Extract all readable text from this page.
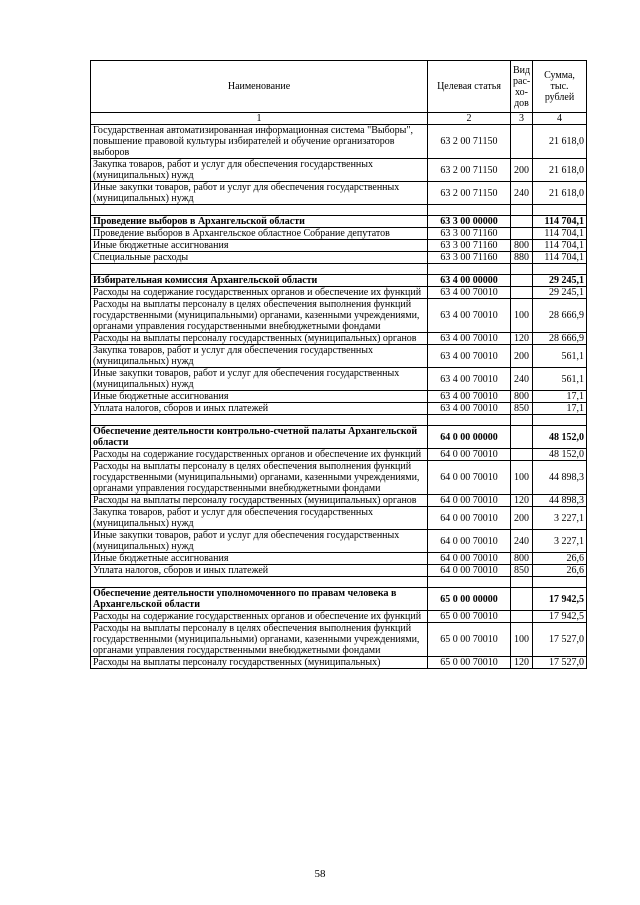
Наименование	Целевая статья	Вид рас-хо-дов	Сумма, тыс. рублей
1	2	3	4
Государственная автоматизированная информационная система "Выборы", повышение правовой культуры избирателей и обучение организаторов выборов	63 2 00 71150		21 618,0
Закупка товаров, работ и услуг для обеспечения государственных (муниципальных) нужд	63 2 00 71150	200	21 618,0
Иные закупки товаров, работ и услуг для обеспечения государственных (муниципальных) нужд	63 2 00 71150	240	21 618,0

Проведение выборов в Архангельской области	63 3 00 00000		114 704,1
Проведение выборов в Архангельское областное Собрание депутатов	63 3 00 71160		114 704,1
Иные бюджетные ассигнования	63 3 00 71160	800	114 704,1
Специальные расходы	63 3 00 71160	880	114 704,1

Избирательная комиссия Архангельской области	63 4 00 00000		29 245,1
Расходы на содержание государственных органов и обеспечение их функций	63 4 00 70010		29 245,1
Расходы на выплаты персоналу в целях обеспечения выполнения функций государственными (муниципальными) органами, казенными учреждениями, органами управления государственными внебюджетными фондами	63 4 00 70010	100	28 666,9
Расходы на выплаты персоналу государственных (муниципальных) органов	63 4 00 70010	120	28 666,9
Закупка товаров, работ и услуг для обеспечения государственных (муниципальных) нужд	63 4 00 70010	200	561,1
Иные закупки товаров, работ и услуг для обеспечения государственных (муниципальных) нужд	63 4 00 70010	240	561,1
Иные бюджетные ассигнования	63 4 00 70010	800	17,1
Уплата налогов, сборов и иных платежей	63 4 00 70010	850	17,1

Обеспечение деятельности контрольно-счетной палаты Архангельской области	64 0 00 00000		48 152,0
Расходы на содержание государственных органов и обеспечение их функций	64 0 00 70010		48 152,0
Расходы на выплаты персоналу в целях обеспечения выполнения функций государственными (муниципальными) органами, казенными учреждениями, органами управления государственными внебюджетными фондами	64 0 00 70010	100	44 898,3
Расходы на выплаты персоналу государственных (муниципальных) органов	64 0 00 70010	120	44 898,3
Закупка товаров, работ и услуг для обеспечения государственных (муниципальных) нужд	64 0 00 70010	200	3 227,1
Иные закупки товаров, работ и услуг для обеспечения государственных (муниципальных) нужд	64 0 00 70010	240	3 227,1
Иные бюджетные ассигнования	64 0 00 70010	800	26,6
Уплата налогов, сборов и иных платежей	64 0 00 70010	850	26,6

Обеспечение деятельности уполномоченного по правам человека в Архангельской области	65 0 00 00000		17 942,5
Расходы на содержание государственных органов и обеспечение их функций	65 0 00 70010		17 942,5
Расходы на выплаты персоналу в целях обеспечения выполнения функций государственными (муниципальными) органами, казенными учреждениями, органами управления государственными внебюджетными фондами	65 0 00 70010	100	17 527,0
Расходы на выплаты персоналу государственных (муниципальных)	65 0 00 70010	120	17 527,0
58
